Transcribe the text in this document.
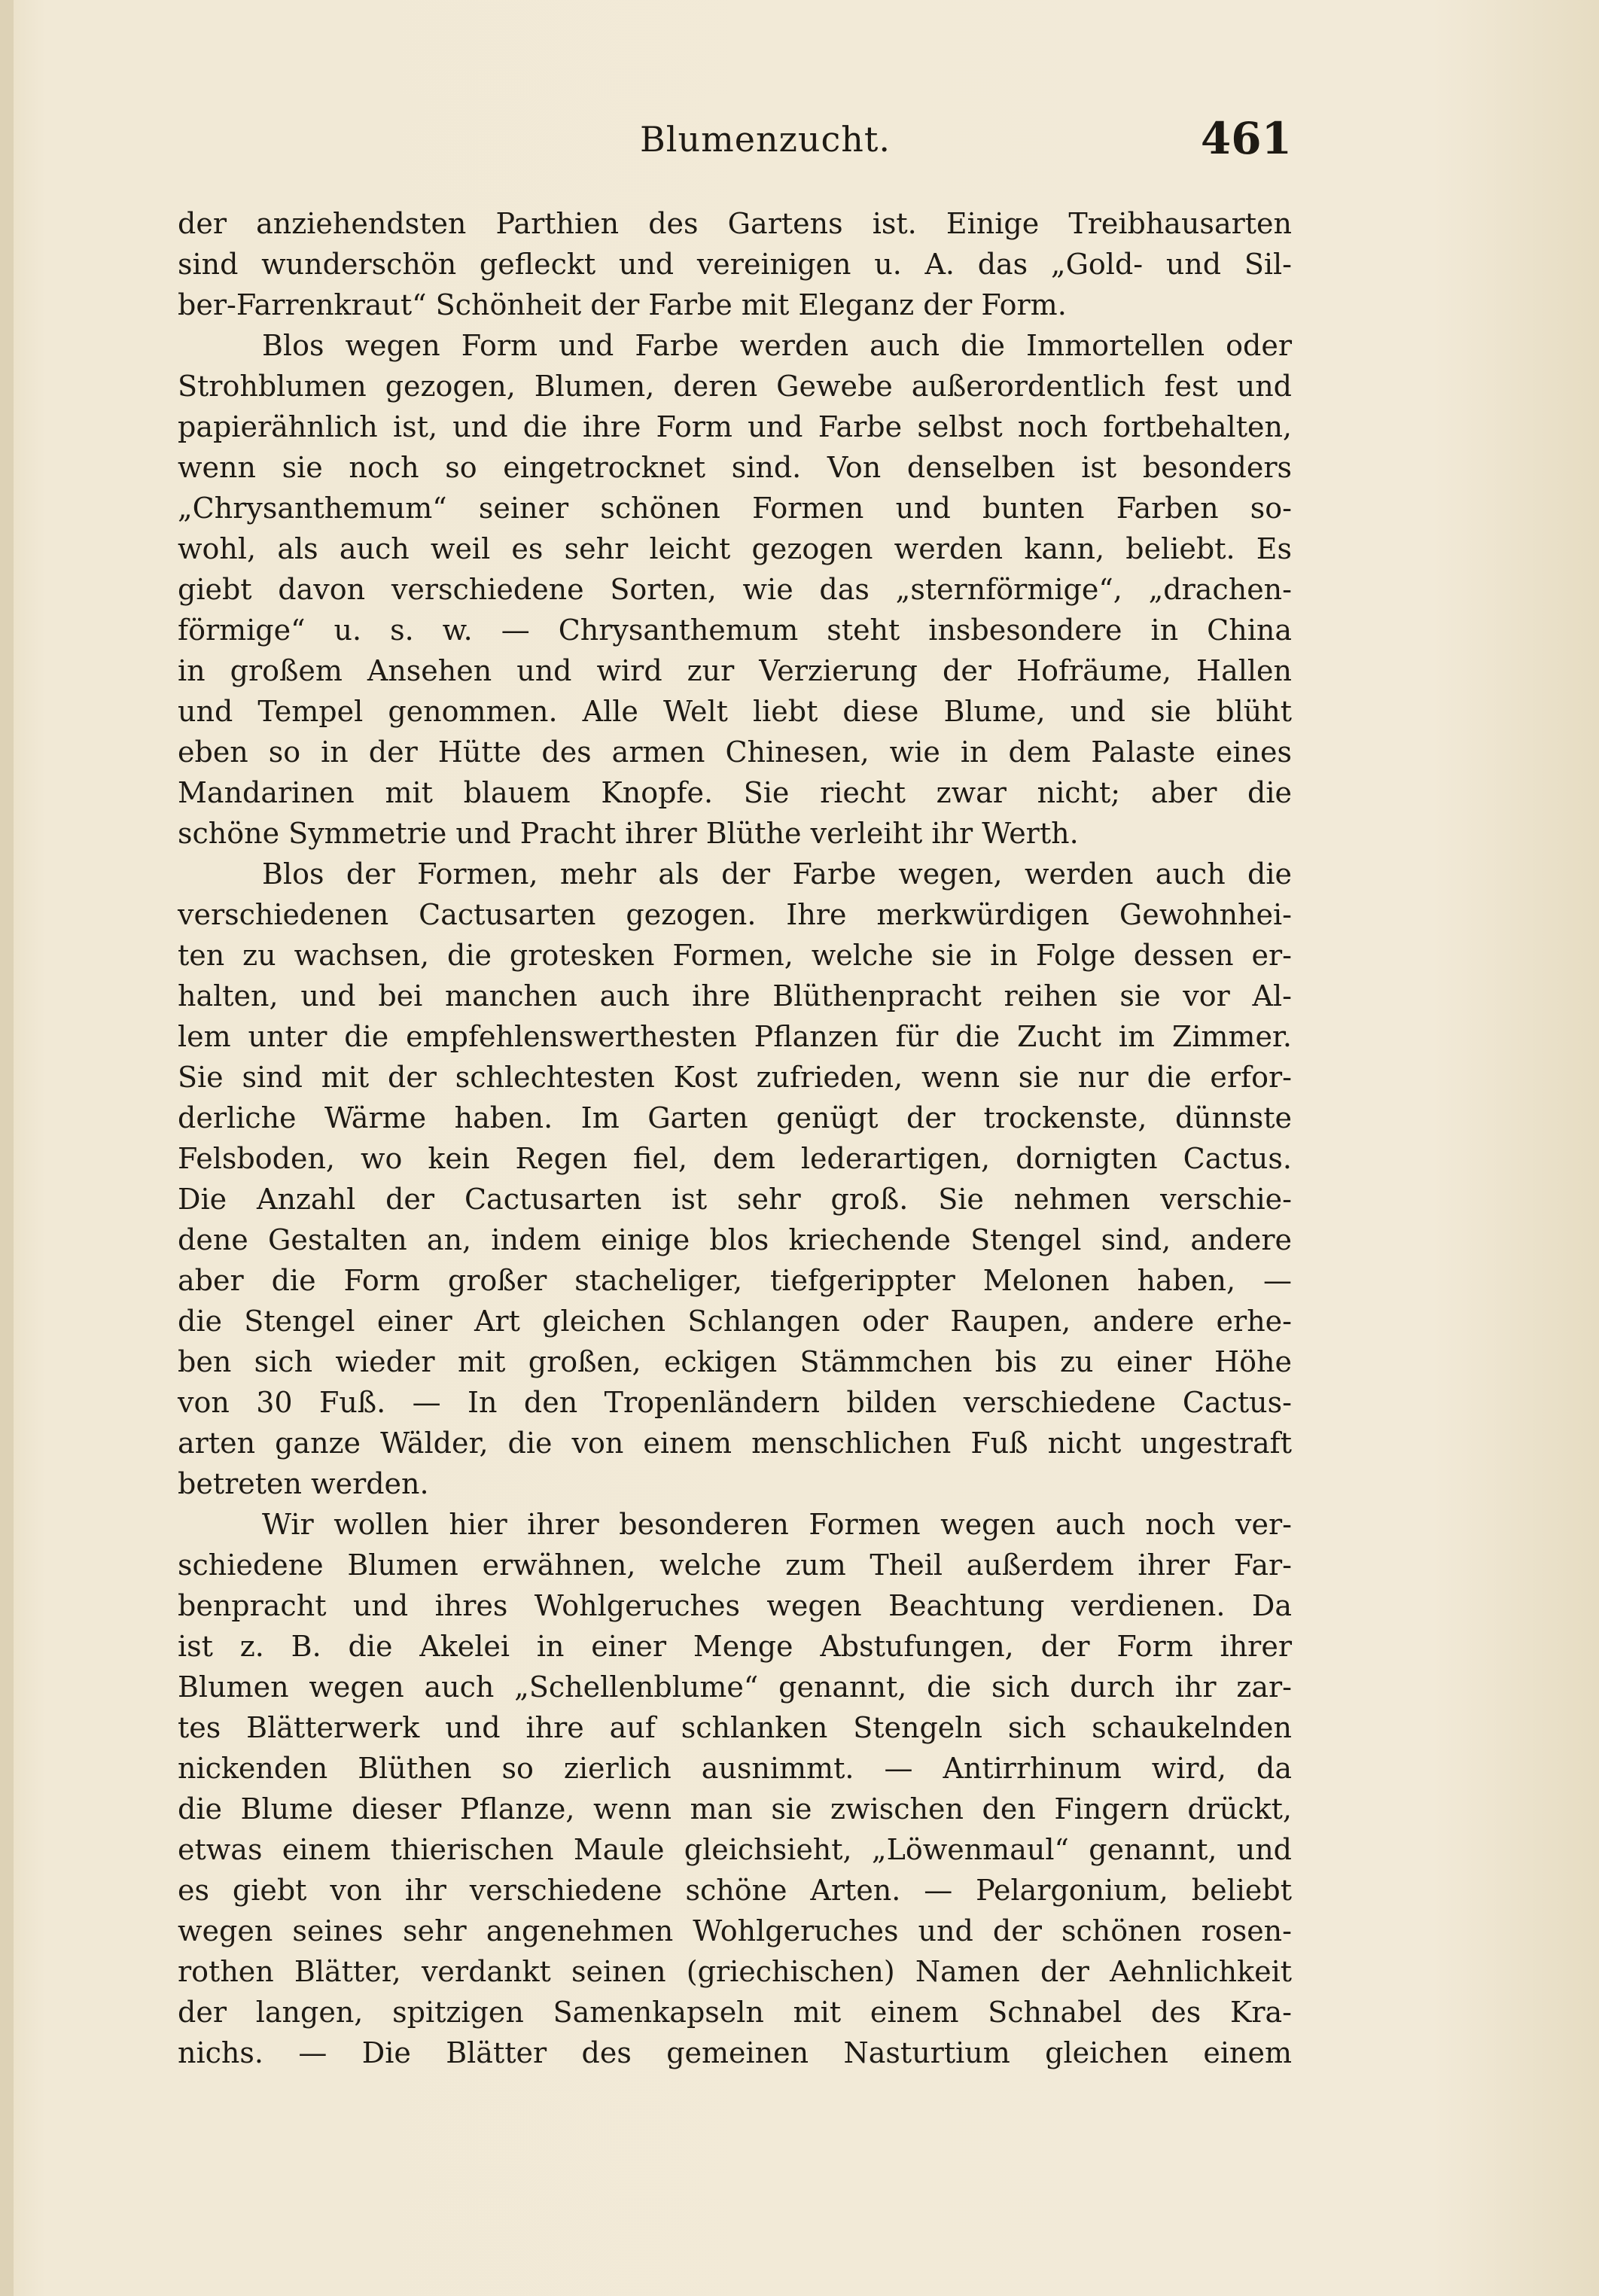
Blumenzucht.	461
der anziehendsten Parthien des Gartens ist. Einige Treibhausarten
sind wunderschön gefleckt und vereinigen u. A. das „Gold- und Sil-
ber-Farrenkraut“ Schönheit der Farbe mit Eleganz der Form.
Blos wegen Form und Farbe werden auch die Immortellen oder
Strohblumen gezogen, Blumen, deren Gewebe außerordentlich fest und
papierähnlich ist, und die ihre Form und Farbe selbst noch fortbehalten,
wenn sie noch so eingetrocknet sind. Von denselben ist besonders
„Chrysanthemum“ seiner schönen Formen und bunten Farben so-
wohl, als auch weil es sehr leicht gezogen werden kann, beliebt. Es
giebt davon verschiedene Sorten, wie das „sternförmige“, „drachen-
förmige“ u. s. w. — Chrysanthemum steht insbesondere in China
in großem Ansehen und wird zur Verzierung der Hofräume, Hallen
und Tempel genommen. Alle Welt liebt diese Blume, und sie blüht
eben so in der Hütte des armen Chinesen, wie in dem Palaste eines
Mandarinen mit blauem Knopfe. Sie riecht zwar nicht; aber die
schöne Symmetrie und Pracht ihrer Blüthe verleiht ihr Werth.
Blos der Formen, mehr als der Farbe wegen, werden auch die
verschiedenen Cactusarten gezogen. Ihre merkwürdigen Gewohnhei-
ten zu wachsen, die grotesken Formen, welche sie in Folge dessen er-
halten, und bei manchen auch ihre Blüthenpracht reihen sie vor Al-
lem unter die empfehlenswerthesten Pflanzen für die Zucht im Zimmer.
Sie sind mit der schlechtesten Kost zufrieden, wenn sie nur die erfor-
derliche Wärme haben. Im Garten genügt der trockenste, dünnste
Felsboden, wo kein Regen fiel, dem lederartigen, dornigten Cactus.
Die Anzahl der Cactusarten ist sehr groß. Sie nehmen verschie-
dene Gestalten an, indem einige blos kriechende Stengel sind, andere
aber die Form großer stacheliger, tiefgerippter Melonen haben, —
die Stengel einer Art gleichen Schlangen oder Raupen, andere erhe-
ben sich wieder mit großen, eckigen Stämmchen bis zu einer Höhe
von 30 Fuß. — In den Tropenländern bilden verschiedene Cactus-
arten ganze Wälder, die von einem menschlichen Fuß nicht ungestraft
betreten werden.
Wir wollen hier ihrer besonderen Formen wegen auch noch ver-
schiedene Blumen erwähnen, welche zum Theil außerdem ihrer Far-
benpracht und ihres Wohlgeruches wegen Beachtung verdienen. Da
ist z. B. die Akelei in einer Menge Abstufungen, der Form ihrer
Blumen wegen auch „Schellenblume“ genannt, die sich durch ihr zar-
tes Blätterwerk und ihre auf schlanken Stengeln sich schaukelnden
nickenden Blüthen so zierlich ausnimmt. — Antirrhinum wird, da
die Blume dieser Pflanze, wenn man sie zwischen den Fingern drückt,
etwas einem thierischen Maule gleichsieht, „Löwenmaul“ genannt, und
es giebt von ihr verschiedene schöne Arten. — Pelargonium, beliebt
wegen seines sehr angenehmen Wohlgeruches und der schönen rosen-
rothen Blätter, verdankt seinen (griechischen) Namen der Aehnlichkeit
der langen, spitzigen Samenkapseln mit einem Schnabel des Kra-
nichs. — Die Blätter des gemeinen Nasturtium gleichen einem
